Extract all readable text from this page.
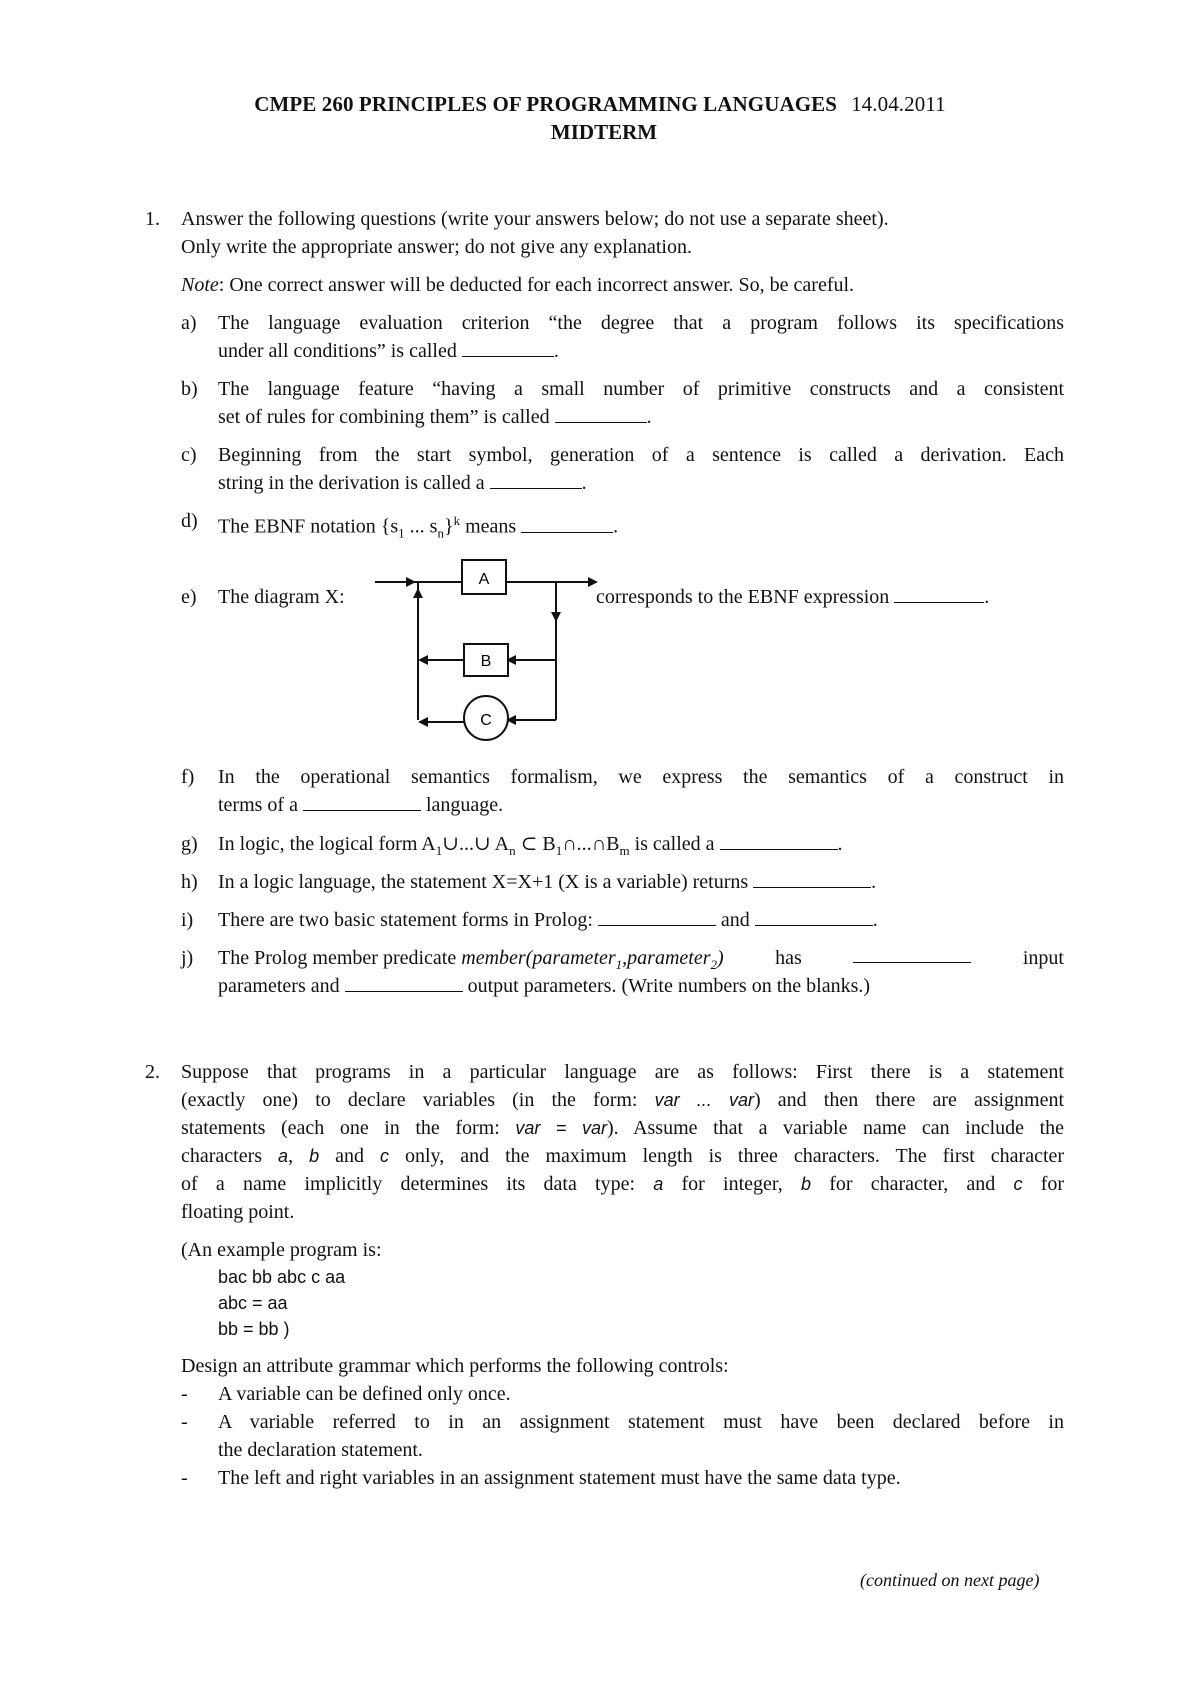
CMPE 260 PRINCIPLES OF PROGRAMMING LANGUAGES 14.04.2011
MIDTERM
1. Answer the following questions (write your answers below; do not use a separate sheet).
Only write the appropriate answer; do not give any explanation.
Note: One correct answer will be deducted for each incorrect answer. So, be careful.
a) The language evaluation criterion “the degree that a program follows its specifications
under all conditions” is called	.
b) The language feature “having a small number of primitive constructs and a consistent
set of rules for combining them” is called	.
c) Beginning from the start symbol, generation of a sentence is called a derivation. Each
string in the derivation is called a	.
d) The EBNF notation {$s_1$ ... $s_n\}^k$ means	.
e) The diagram X:	corresponds to the EBNF expression	.
A
B
C
f) In the operational semantics formalism, we express the semantics of a construct in
terms of a	language.
g) In logic, the logical form $A_1\cup...\cup$ $A_n$ ⊂ $B_1\cap...\cap B_m$ is called a	.
h) In a logic language, the statement X=X+1 (X is a variable) returns	.
i) There are two basic statement forms in Prolog:	and	.
j) The Prolog member predicate member(parameter$_1$,parameter$_2$)	has	input
parameters and	output parameters. (Write numbers on the blanks.)
2. Suppose that programs in a particular language are as follows: First there is a statement
(exactly one) to declare variables (in the form: var ... var) and then there are assignment
statements (each one in the form: var = var). Assume that a variable name can include the
characters a, b and c only, and the maximum length is three characters. The first character
of a name implicitly determines its data type: a for integer, b for character, and c for
floating point.
(An example program is:
bac bb abc c aa
abc = aa
bb = bb )
Design an attribute grammar which performs the following controls:
- A variable can be defined only once.
- A variable referred to in an assignment statement must have been declared before in
the declaration statement.
- The left and right variables in an assignment statement must have the same data type.
(continued on next page)
